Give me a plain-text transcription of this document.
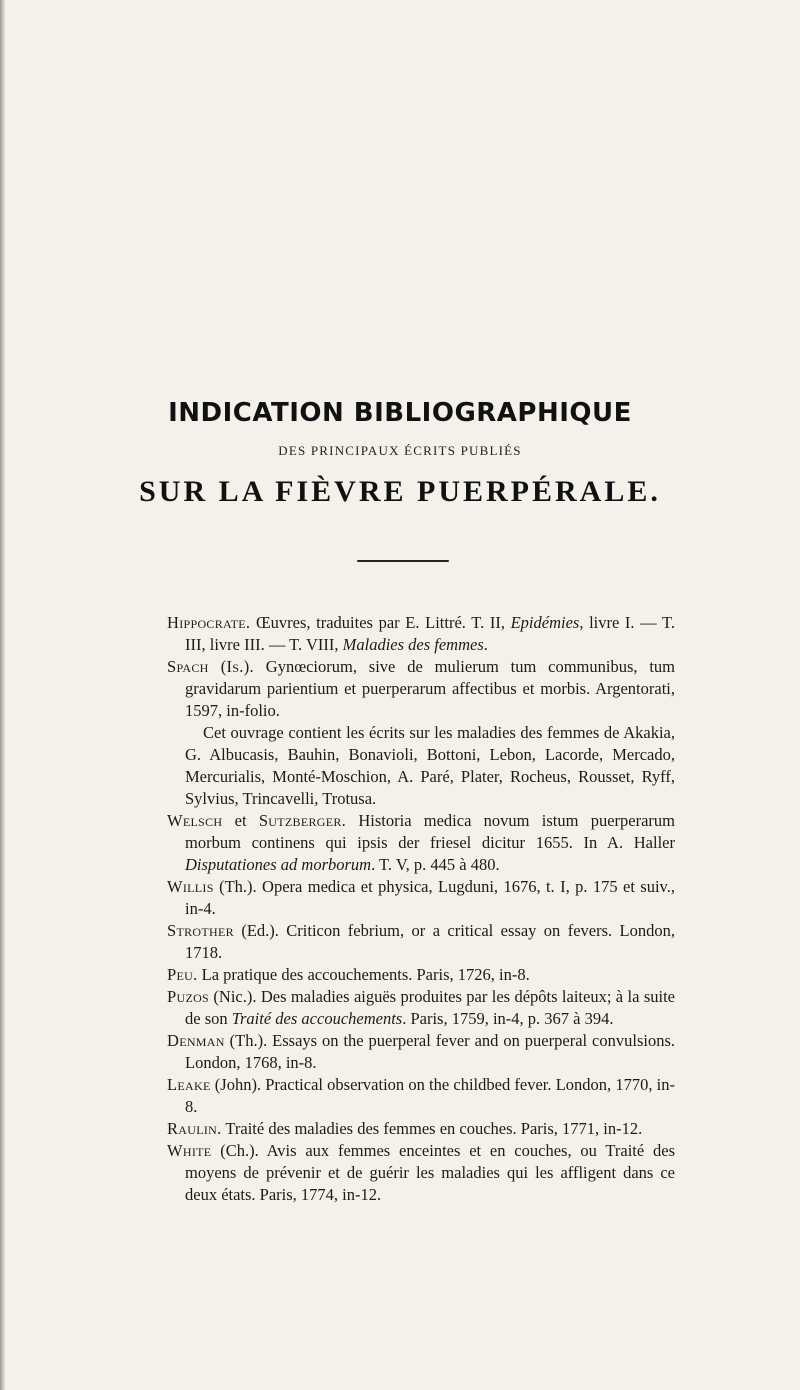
INDICATION BIBLIOGRAPHIQUE

DES PRINCIPAUX ÉCRITS PUBLIÉS

SUR LA FIÈVRE PUERPÉRALE.

Hippocrate. Œuvres, traduites par E. Littré. T. II, Epidémies, livre I. — T. III, livre III. — T. VIII, Maladies des femmes.

Spach (Is.). Gynœciorum, sive de mulierum tum communibus, tum gravidarum parientium et puerperarum affectibus et morbis. Argentorati, 1597, in-folio.

Cet ouvrage contient les écrits sur les maladies des femmes de Akakia, G. Albucasis, Bauhin, Bonavioli, Bottoni, Lebon, Lacorde, Mercado, Mercurialis, Monté-Moschion, A. Paré, Plater, Rocheus, Rousset, Ryff, Sylvius, Trincavelli, Trotusa.

Welsch et Sutzberger. Historia medica novum istum puerperarum morbum continens qui ipsis der friesel dicitur 1655. In A. Haller Disputationes ad morborum. T. V, p. 445 à 480.

Willis (Th.). Opera medica et physica, Lugduni, 1676, t. I, p. 175 et suiv., in-4.

Strother (Ed.). Criticon febrium, or a critical essay on fevers. London, 1718.

Peu. La pratique des accouchements. Paris, 1726, in-8.

Puzos (Nic.). Des maladies aiguës produites par les dépôts laiteux; à la suite de son Traité des accouchements. Paris, 1759, in-4, p. 367 à 394.

Denman (Th.). Essays on the puerperal fever and on puerperal convulsions. London, 1768, in-8.

Leake (John). Practical observation on the childbed fever. London, 1770, in-8.

Raulin. Traité des maladies des femmes en couches. Paris, 1771, in-12.

White (Ch.). Avis aux femmes enceintes et en couches, ou Traité des moyens de prévenir et de guérir les maladies qui les affligent dans ce deux états. Paris, 1774, in-12.
